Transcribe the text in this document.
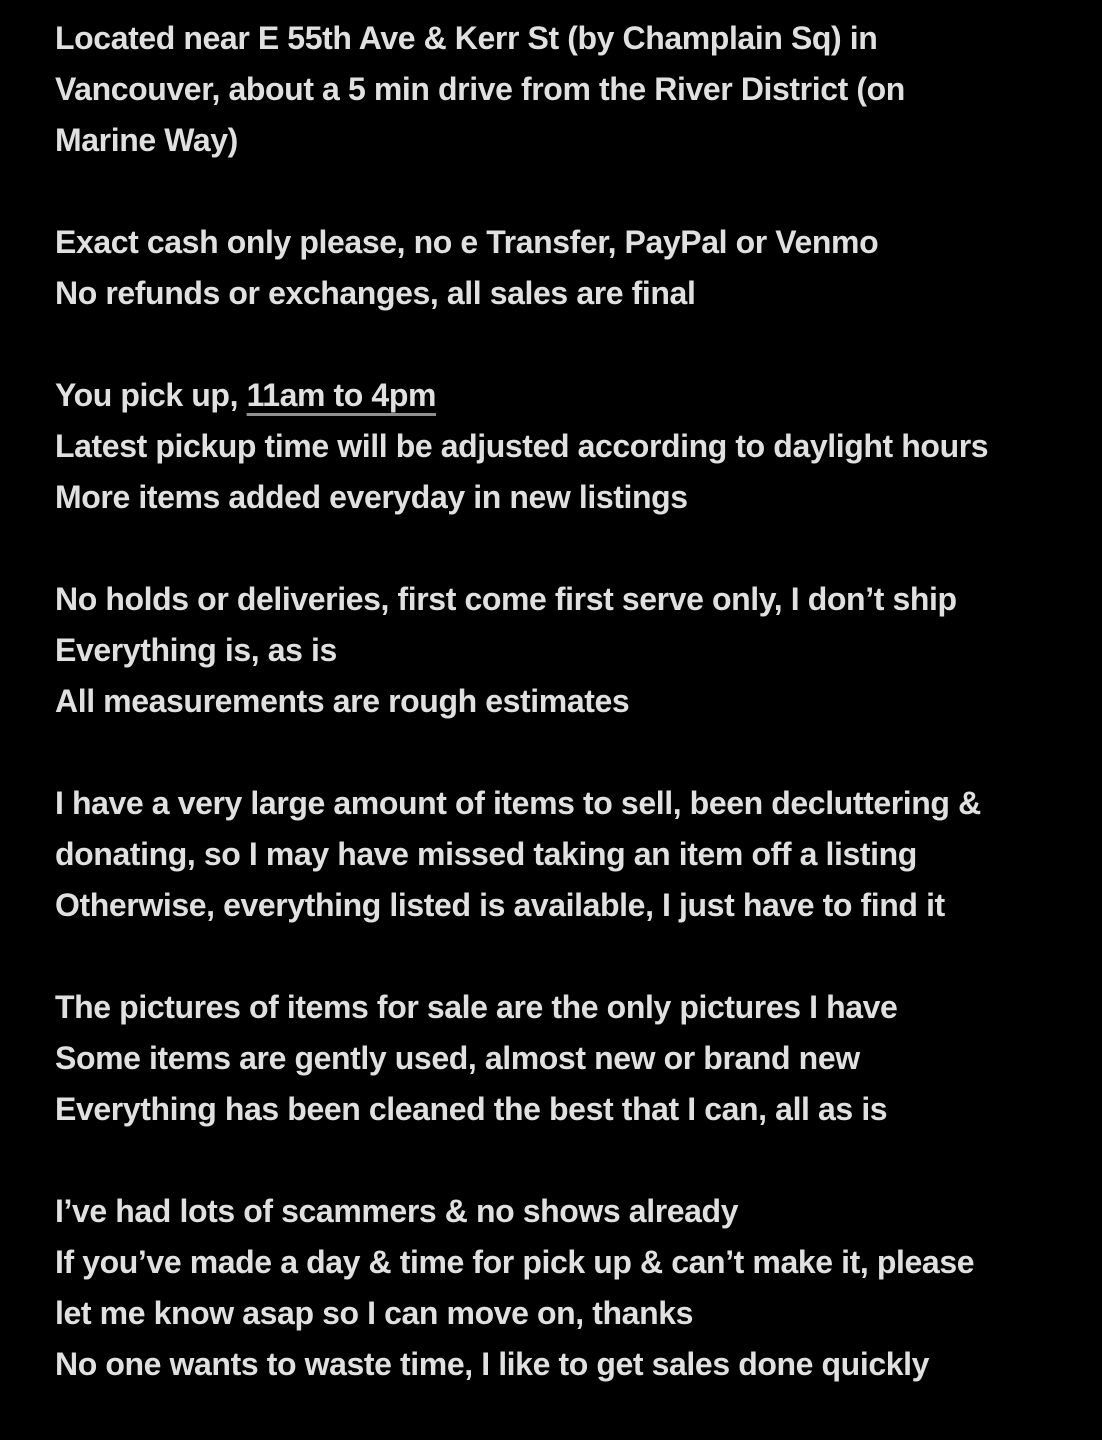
Located near E 55th Ave & Kerr St (by Champlain Sq) in
Vancouver, about a 5 min drive from the River District (on
Marine Way)
Exact cash only please, no e Transfer, PayPal or Venmo
No refunds or exchanges, all sales are final
You pick up, 11am to 4pm
Latest pickup time will be adjusted according to daylight hours
More items added everyday in new listings
No holds or deliveries, first come first serve only, I don’t ship
Everything is, as is
All measurements are rough estimates
I have a very large amount of items to sell, been decluttering &
donating, so I may have missed taking an item off a listing
Otherwise, everything listed is available, I just have to find it
The pictures of items for sale are the only pictures I have
Some items are gently used, almost new or brand new
Everything has been cleaned the best that I can, all as is
I’ve had lots of scammers & no shows already
If you’ve made a day & time for pick up & can’t make it, please
let me know asap so I can move on, thanks
No one wants to waste time, I like to get sales done quickly
